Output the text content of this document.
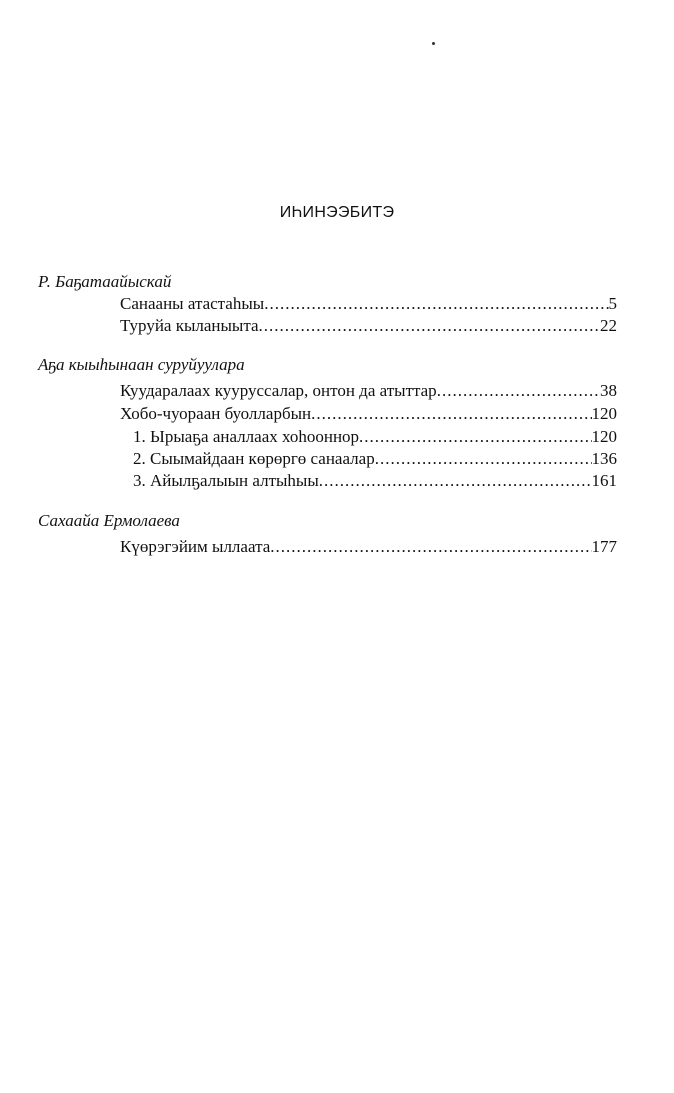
ИҺИНЭЭБИТЭ
Р. Баҕатаайыскай
Санааны атастаһыы .....	5
Туруйа кыланыыта .....	22
Аҕа кыыһынаан суруйуулара
Куударалаах кууруссалар, онтон да атыттар .....	38
Хобо-чуораан буолларбын .....	120
1. Ырыаҕа аналлаах хоһооннор .....	120
2. Сыымайдаан көрөргө санаалар .....	136
3. Айылҕалыын алтыһыы .....	161
Сахаайа Ермолаева
Күөрэгэйим ыллаата .....	177
